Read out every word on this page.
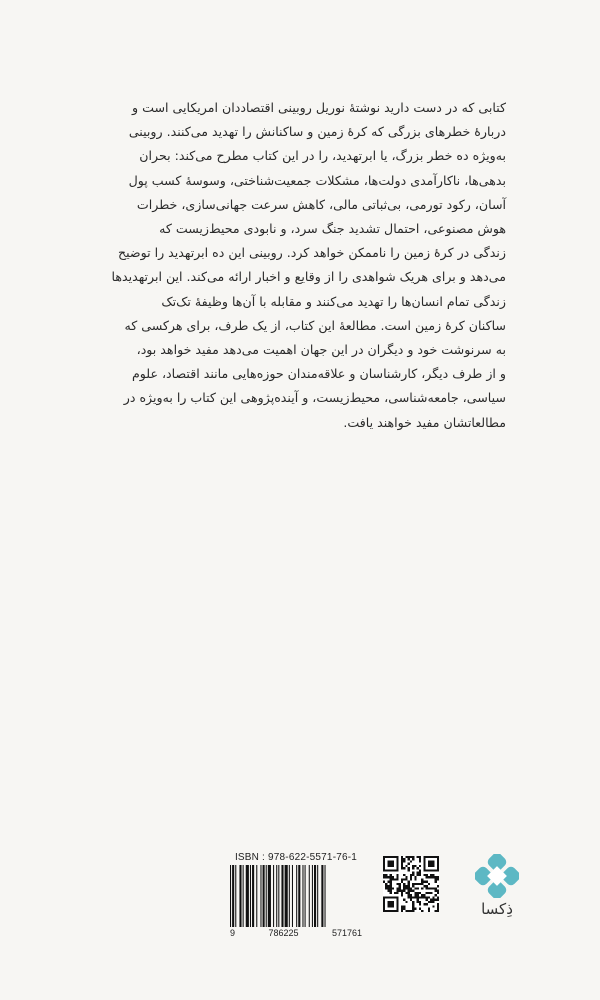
کتابی که در دست دارید نوشتهٔ نوریل روبینی اقتصاددان امریکایی است و
دربارهٔ خطرهای بزرگی که کرهٔ زمین و ساکنانش را تهدید می‌کنند. روبینی
به‌ویژه ده خطر بزرگ، یا ابرتهدید، را در این کتاب مطرح می‌کند: بحران
بدهی‌ها، ناکارآمدی دولت‌ها، مشکلات جمعیت‌شناختی، وسوسهٔ کسب پول
آسان، رکود تورمی، بی‌ثباتی مالی، کاهش سرعت جهانی‌سازی، خطرات
هوش مصنوعی، احتمال تشدید جنگ سرد، و نابودی محیط‌زیست که
زندگی در کرهٔ زمین را ناممکن خواهد کرد. روبینی این ده ابرتهدید را توضیح
می‌دهد و برای هریک شواهدی را از وقایع و اخبار ارائه می‌کند. این ابرتهدیدها
زندگی تمام انسان‌ها را تهدید می‌کنند و مقابله با آن‌ها وظیفهٔ تک‌تک
ساکنان کرهٔ زمین است. مطالعهٔ این کتاب، از یک طرف، برای هرکسی که
به سرنوشت خود و دیگران در این جهان اهمیت می‌دهد مفید خواهد بود،
و از طرف دیگر، کارشناسان و علاقه‌مندان حوزه‌هایی مانند اقتصاد، علوم
سیاسی، جامعه‌شناسی، محیط‌زیست، و آینده‌پژوهی این کتاب را به‌ویژه در
مطالعاتشان مفید خواهند یافت.
ISBN : 978-622-5571-76-1
9	786225	571761
ذِکسا
